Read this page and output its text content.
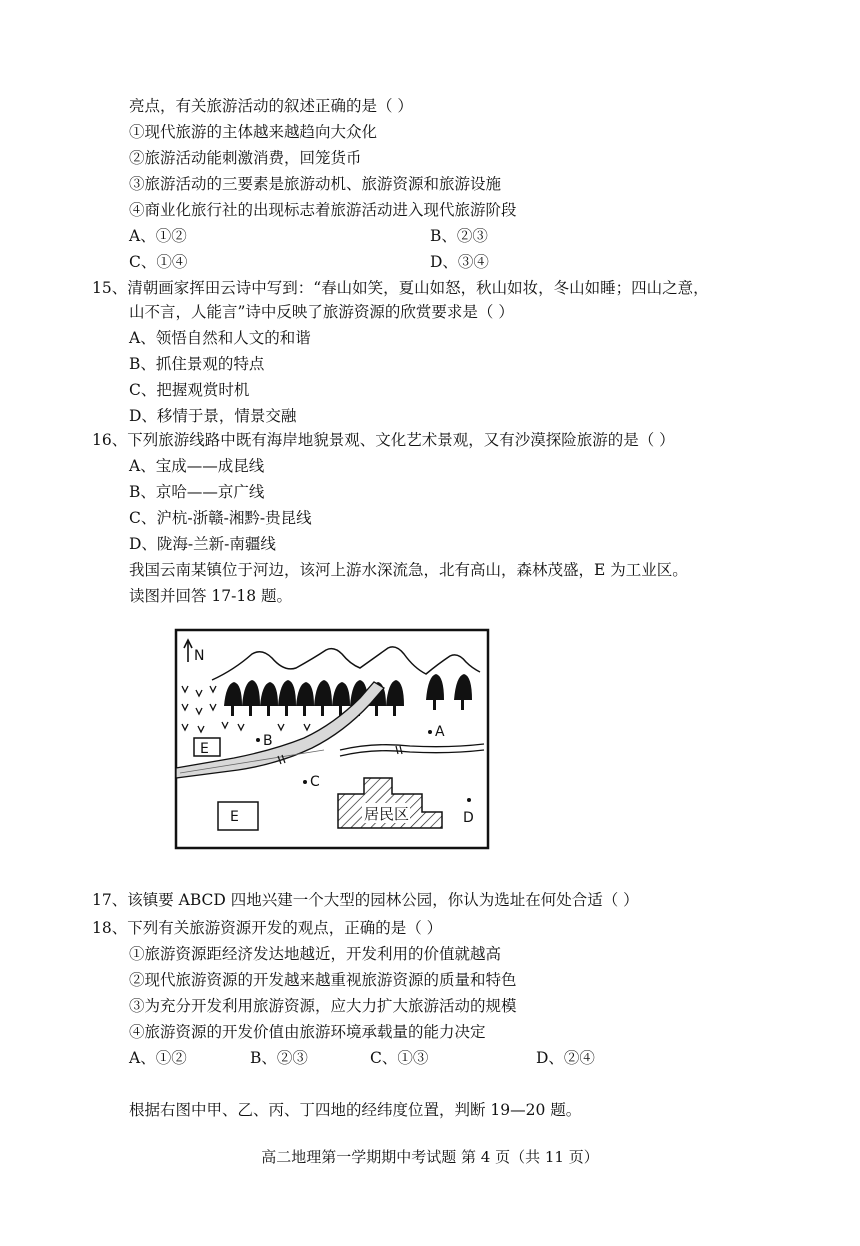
亮点，有关旅游活动的叙述正确的是（ ）
①现代旅游的主体越来越趋向大众化
②旅游活动能刺激消费，回笼货币
③旅游活动的三要素是旅游动机、旅游资源和旅游设施
④商业化旅行社的出现标志着旅游活动进入现代旅游阶段
A、①②	B、②③
C、①④	D、③④
15、清朝画家挥田云诗中写到：“春山如笑，夏山如怒，秋山如妆，冬山如睡；四山之意，
山不言，人能言”诗中反映了旅游资源的欣赏要求是（ ）
A、领悟自然和人文的和谐
B、抓住景观的特点
C、把握观赏时机
D、移情于景，情景交融
16、下列旅游线路中既有海岸地貌景观、文化艺术景观，又有沙漠探险旅游的是（ ）
A、宝成——成昆线
B、京哈——京广线
C、沪杭-浙赣-湘黔-贵昆线
D、陇海-兰新-南疆线
我国云南某镇位于河边，该河上游水深流急，北有高山，森林茂盛，E 为工业区。
读图并回答 17-18 题。
N
E
E
B
A
C
D
居民区
17、该镇要 ABCD 四地兴建一个大型的园林公园，你认为选址在何处合适（ ）
18、下列有关旅游资源开发的观点，正确的是（ ）
①旅游资源距经济发达地越近，开发利用的价值就越高
②现代旅游资源的开发越来越重视旅游资源的质量和特色
③为充分开发利用旅游资源，应大力扩大旅游活动的规模
④旅游资源的开发价值由旅游环境承载量的能力决定
A、①②	B、②③	C、①③	D、②④
根据右图中甲、乙、丙、丁四地的经纬度位置，判断 19—20 题。
高二地理第一学期期中考试题 第 4 页（共 11 页）
